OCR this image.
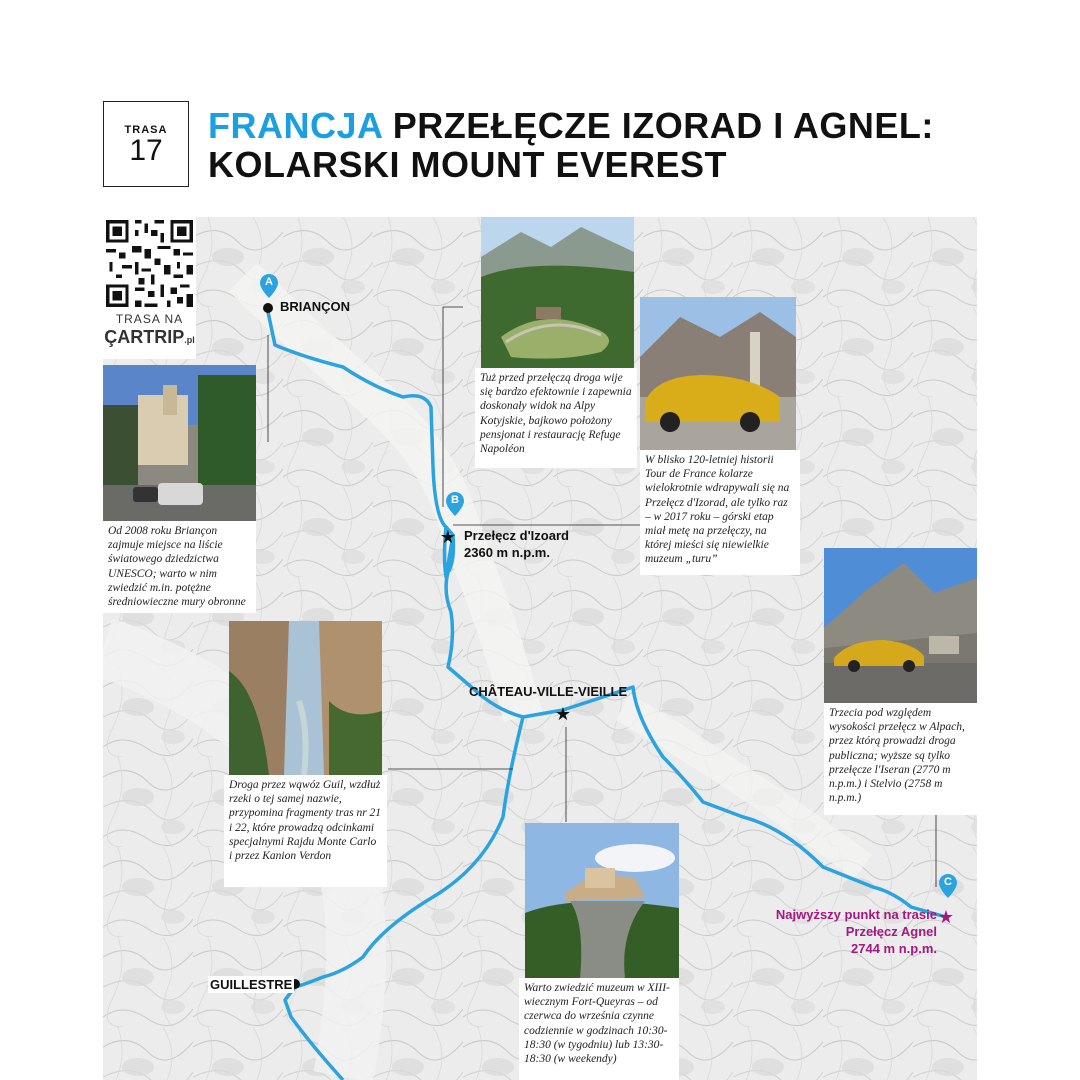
TRASA
17
FRANCJA PRZEŁĘCZE IZORAD I AGNEL:
KOLARSKI MOUNT EVEREST
★
★
★
A
B
C
BRIANÇON
CHÂTEAU-VILLE-VIEILLE
GUILLESTRE
Przełęcz d'Izoard
2360 m n.p.m.
Najwyższy punkt na trasie
Przełęcz Agnel
2744 m n.p.m.
Od 2008 roku Briançon zajmuje miejsce na liście światowego dziedzictwa UNESCO; warto w nim zwiedzić m.in. potężne średniowieczne mury obronne
Tuż przed przełęczą droga wije się bardzo efektownie i zapewnia doskonały widok na Alpy Kotyjskie, bajkowo położony pensjonat i restaurację Refuge Napoléon
W blisko 120-letniej historii Tour de France kolarze wielokrotnie wdrapywali się na Przełęcz d'Izorad, ale tylko raz – w 2017 roku – górski etap miał metę na przełęczy, na której mieści się niewielkie muzeum „turu”
Trzecia pod względem wysokości przełęcz w Alpach, przez którą prowadzi droga publiczna; wyższe są tylko przełęcze l'Iseran (2770 m n.p.m.) i Stelvio (2758 m n.p.m.)
Droga przez wąwóz Guil, wzdłuż rzeki o tej samej nazwie, przypomina fragmenty tras nr 21 i 22, które prowadzą odcinkami specjalnymi Rajdu Monte Carlo i przez Kanion Verdon
Warto zwiedzić muzeum w XIII-wiecznym Fort-Queyras – od czerwca do września czynne codziennie w godzinach 10:30-18:30 (w tygodniu) lub 13:30-18:30 (w weekendy)
TRASA NA
ÇARTRIP.pl
